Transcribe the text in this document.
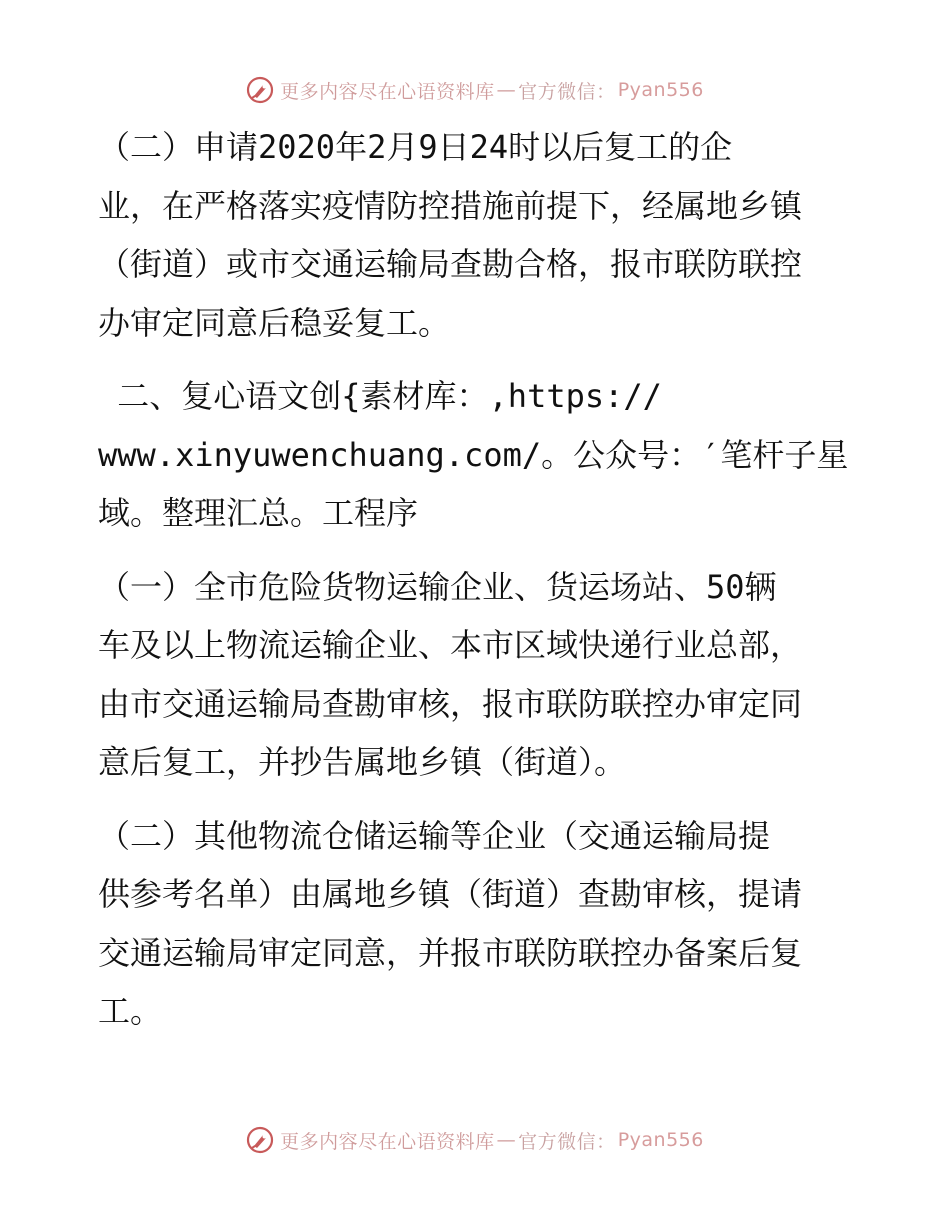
更多内容尽在心语资料库 — 官方微信： Pyan556
（二）申请2020年2月9日24时以后复工的企
业，在严格落实疫情防控措施前提下，经属地乡镇
（街道）或市交通运输局查勘合格，报市联防联控
办审定同意后稳妥复工。
二、复心语文创{素材库：,https://
www.xinyuwenchuang.com/。公众号：′笔杆子星
域。整理汇总。工程序
（一）全市危险货物运输企业、货运场站、50辆
车及以上物流运输企业、本市区域快递行业总部，
由市交通运输局查勘审核，报市联防联控办审定同
意后复工，并抄告属地乡镇（街道）。
（二）其他物流仓储运输等企业（交通运输局提
供参考名单）由属地乡镇（街道）查勘审核，提请
交通运输局审定同意，并报市联防联控办备案后复
工。
更多内容尽在心语资料库 — 官方微信： Pyan556
